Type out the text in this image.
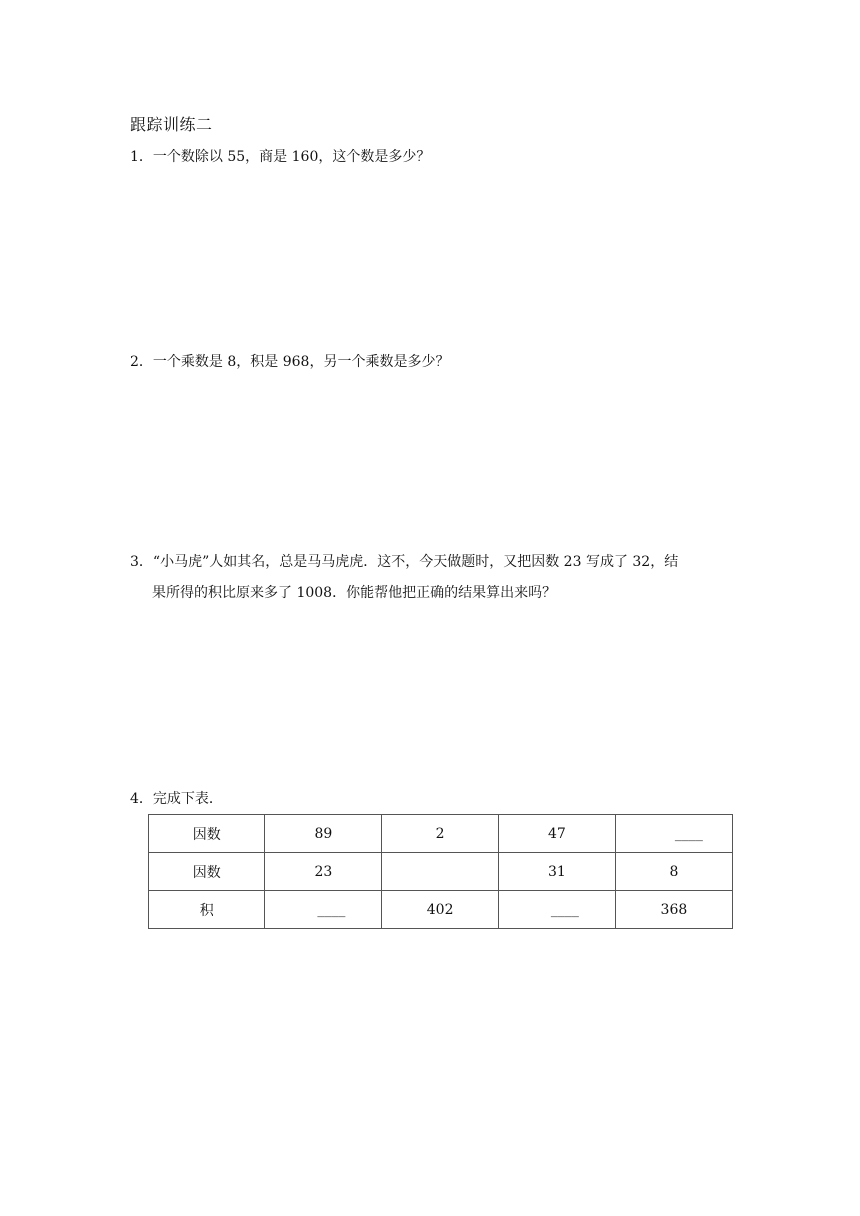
跟踪训练二
1．一个数除以 55，商是 160，这个数是多少？
2．一个乘数是 8，积是 968，另一个乘数是多少？
3．“小马虎”人如其名，总是马马虎虎．这不，今天做题时，又把因数 23 写成了 32，结
果所得的积比原来多了 1008．你能帮他把正确的结果算出来吗？
4．完成下表．
因数	89	2	47	____
因数	23		31	8
积	____	402	____	368
